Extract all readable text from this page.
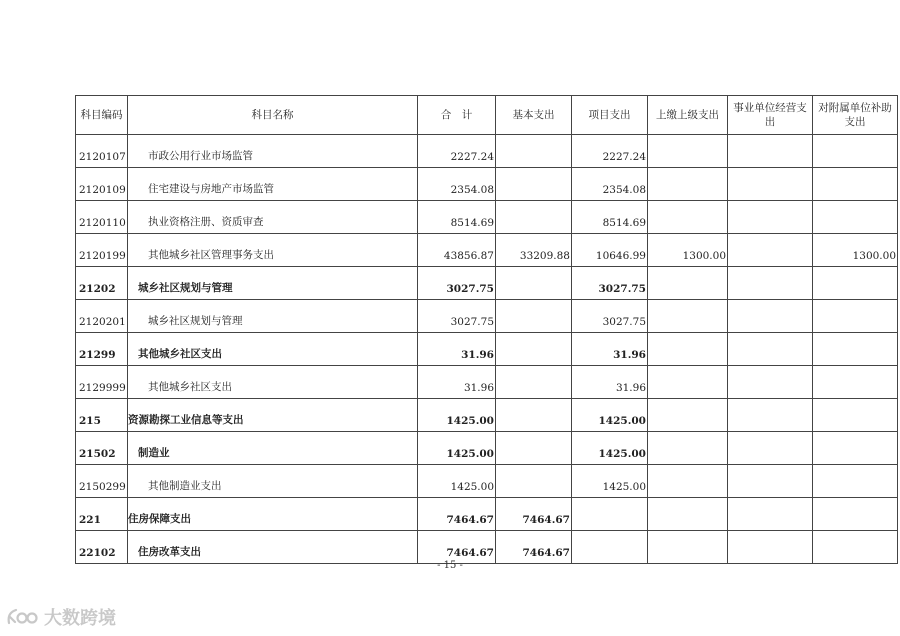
科目编码	科目名称	合　计	基本支出	项目支出	上缴上级支出	事业单位经营支出	对附属单位补助支出
2120107	市政公用行业市场监管	2227.24		2227.24			
2120109	住宅建设与房地产市场监管	2354.08		2354.08			
2120110	执业资格注册、资质审查	8514.69		8514.69			
2120199	其他城乡社区管理事务支出	43856.87	33209.88	10646.99	1300.00		1300.00
21202	城乡社区规划与管理	3027.75		3027.75			
2120201	城乡社区规划与管理	3027.75		3027.75			
21299	其他城乡社区支出	31.96		31.96			
2129999	其他城乡社区支出	31.96		31.96			
215	资源勘探工业信息等支出	1425.00		1425.00			
21502	制造业	1425.00		1425.00			
2150299	其他制造业支出	1425.00		1425.00			
221	住房保障支出	7464.67	7464.67				
22102	住房改革支出	7464.67	7464.67				
- 15 -
大数跨境
